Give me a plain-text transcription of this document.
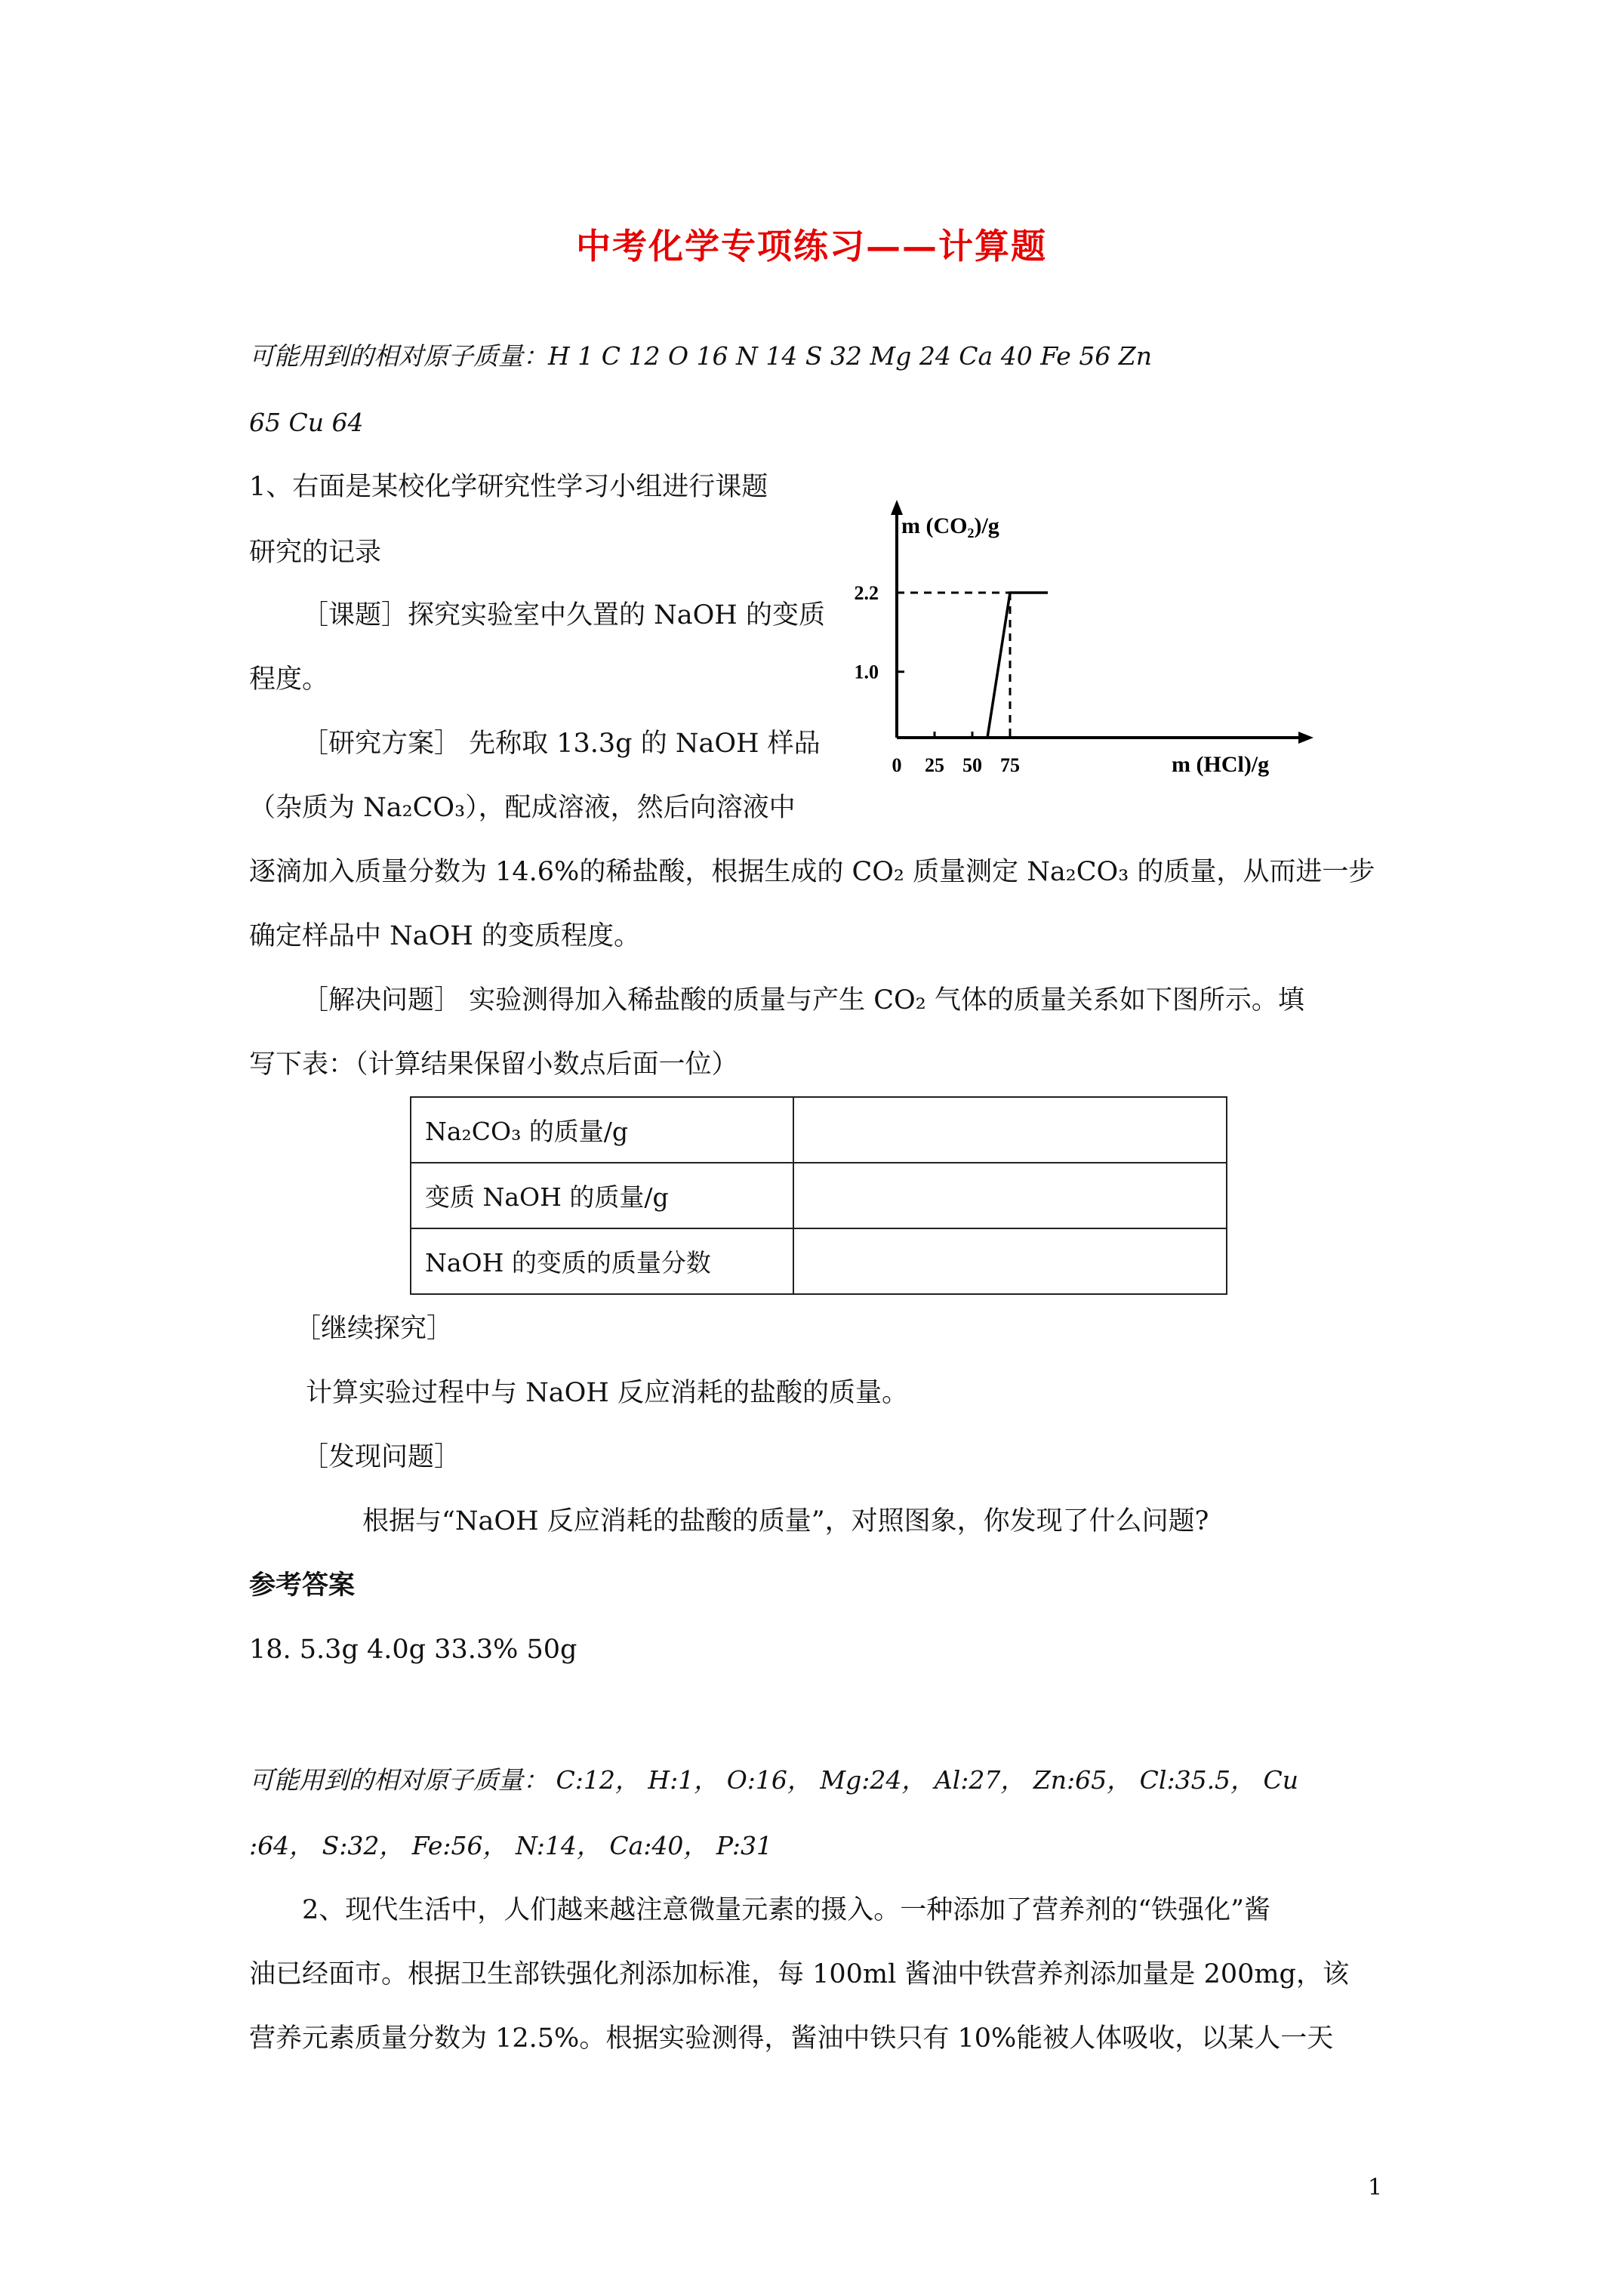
中考化学专项练习——计算题
可能用到的相对原子质量：H 1 C 12 O 16 N 14 S 32 Mg 24 Ca 40 Fe 56 Zn
65 Cu 64
1、右面是某校化学研究性学习小组进行课题
研究的记录
［课题］探究实验室中久置的 NaOH 的变质
程度。
［研究方案］ 先称取 13.3g 的 NaOH 样品
（杂质为 Na₂CO₃），配成溶液，然后向溶液中
逐滴加入质量分数为 14.6%的稀盐酸，根据生成的 CO₂ 质量测定 Na₂CO₃ 的质量，从而进一步
确定样品中 NaOH 的变质程度。
［解决问题］ 实验测得加入稀盐酸的质量与产生 CO₂ 气体的质量关系如下图所示。填
写下表：（计算结果保留小数点后面一位）
Na₂CO₃ 的质量/g	
变质 NaOH 的质量/g	
NaOH 的变质的质量分数	
［继续探究］
计算实验过程中与 NaOH 反应消耗的盐酸的质量。
［发现问题］
根据与“NaOH 反应消耗的盐酸的质量”，对照图象，你发现了什么问题?
参考答案
18. 5.3g 4.0g 33.3% 50g
可能用到的相对原子质量： C:12， H:1， O:16， Mg:24， Al:27， Zn:65， Cl:35.5， Cu
:64， S:32， Fe:56， N:14， Ca:40， P:31
2、现代生活中，人们越来越注意微量元素的摄入。一种添加了营养剂的“铁强化”酱
油已经面市。根据卫生部铁强化剂添加标准，每 100ml 酱油中铁营养剂添加量是 200mg，该
营养元素质量分数为 12.5%。根据实验测得，酱油中铁只有 10%能被人体吸收，以某人一天
1
m (CO₂)/g
m (HCl)/g
0 25 50 75
1.0
2.2
